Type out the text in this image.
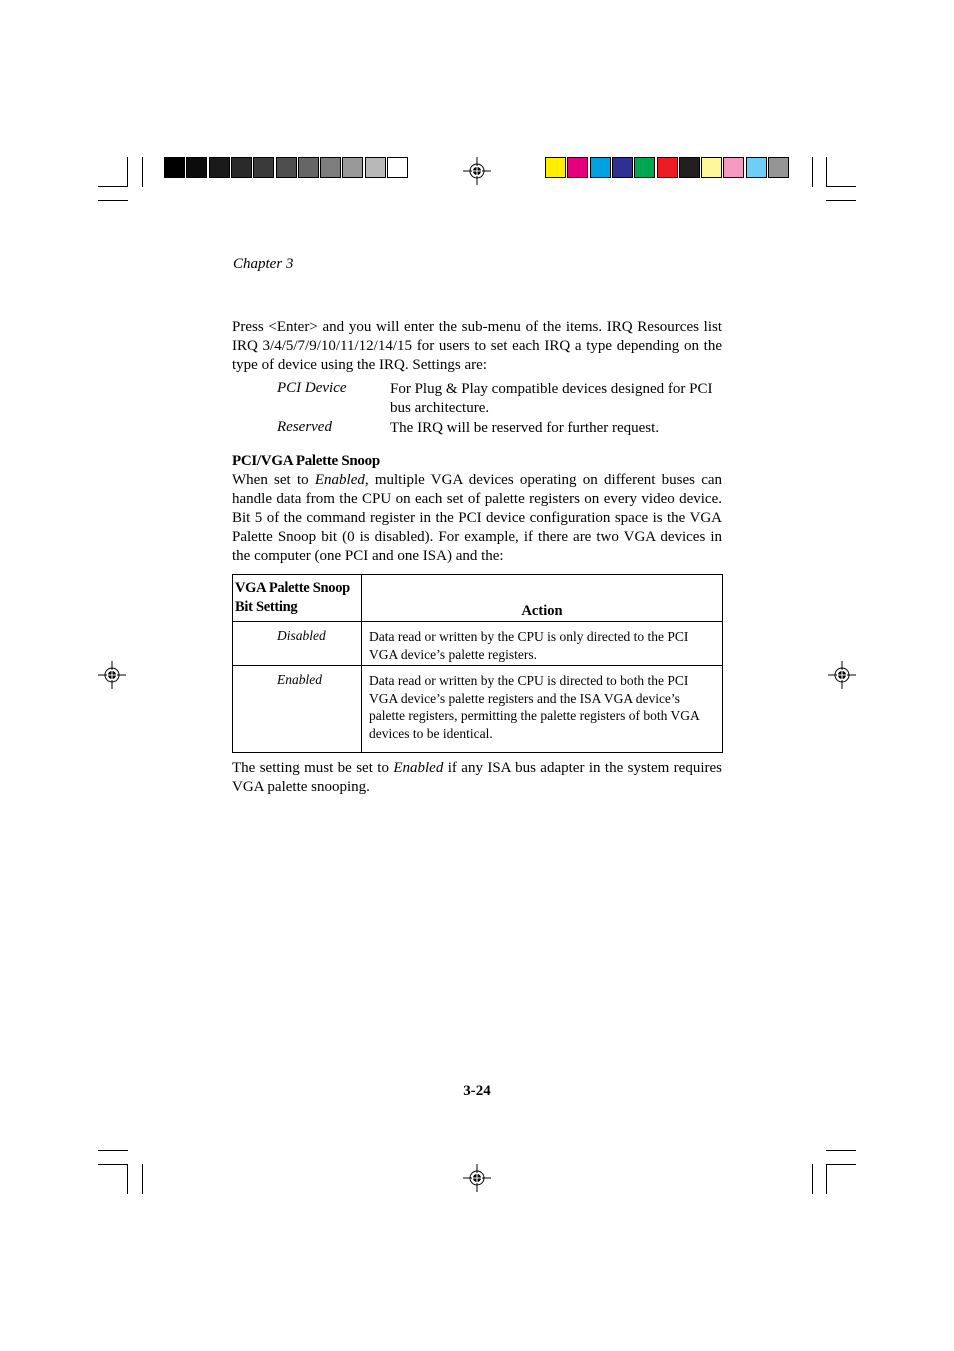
Chapter 3
Press <Enter> and you will enter the sub-menu of the items. IRQ Resources list IRQ 3/4/5/7/9/10/11/12/14/15 for users to set each IRQ a type depending on the type of device using the IRQ. Settings are:
PCI Device	For Plug & Play compatible devices designed for PCI bus architecture.
Reserved	The IRQ will be reserved for further request.
PCI/VGA Palette Snoop
When set to Enabled, multiple VGA devices operating on different buses can handle data from the CPU on each set of palette registers on every video device. Bit 5 of the command register in the PCI device configuration space is the VGA Palette Snoop bit (0 is disabled). For example, if there are two VGA devices in the computer (one PCI and one ISA) and the:
VGA Palette Snoop
Bit Setting	Action
Disabled	Data read or written by the CPU is only directed to the PCI VGA device’s palette registers.
Enabled	Data read or written by the CPU is directed to both the PCI VGA device’s palette registers and the ISA VGA device’s palette registers, permitting the palette registers of both VGA devices to be identical.
The setting must be set to Enabled if any ISA bus adapter in the system requires VGA palette snooping.
3-24
